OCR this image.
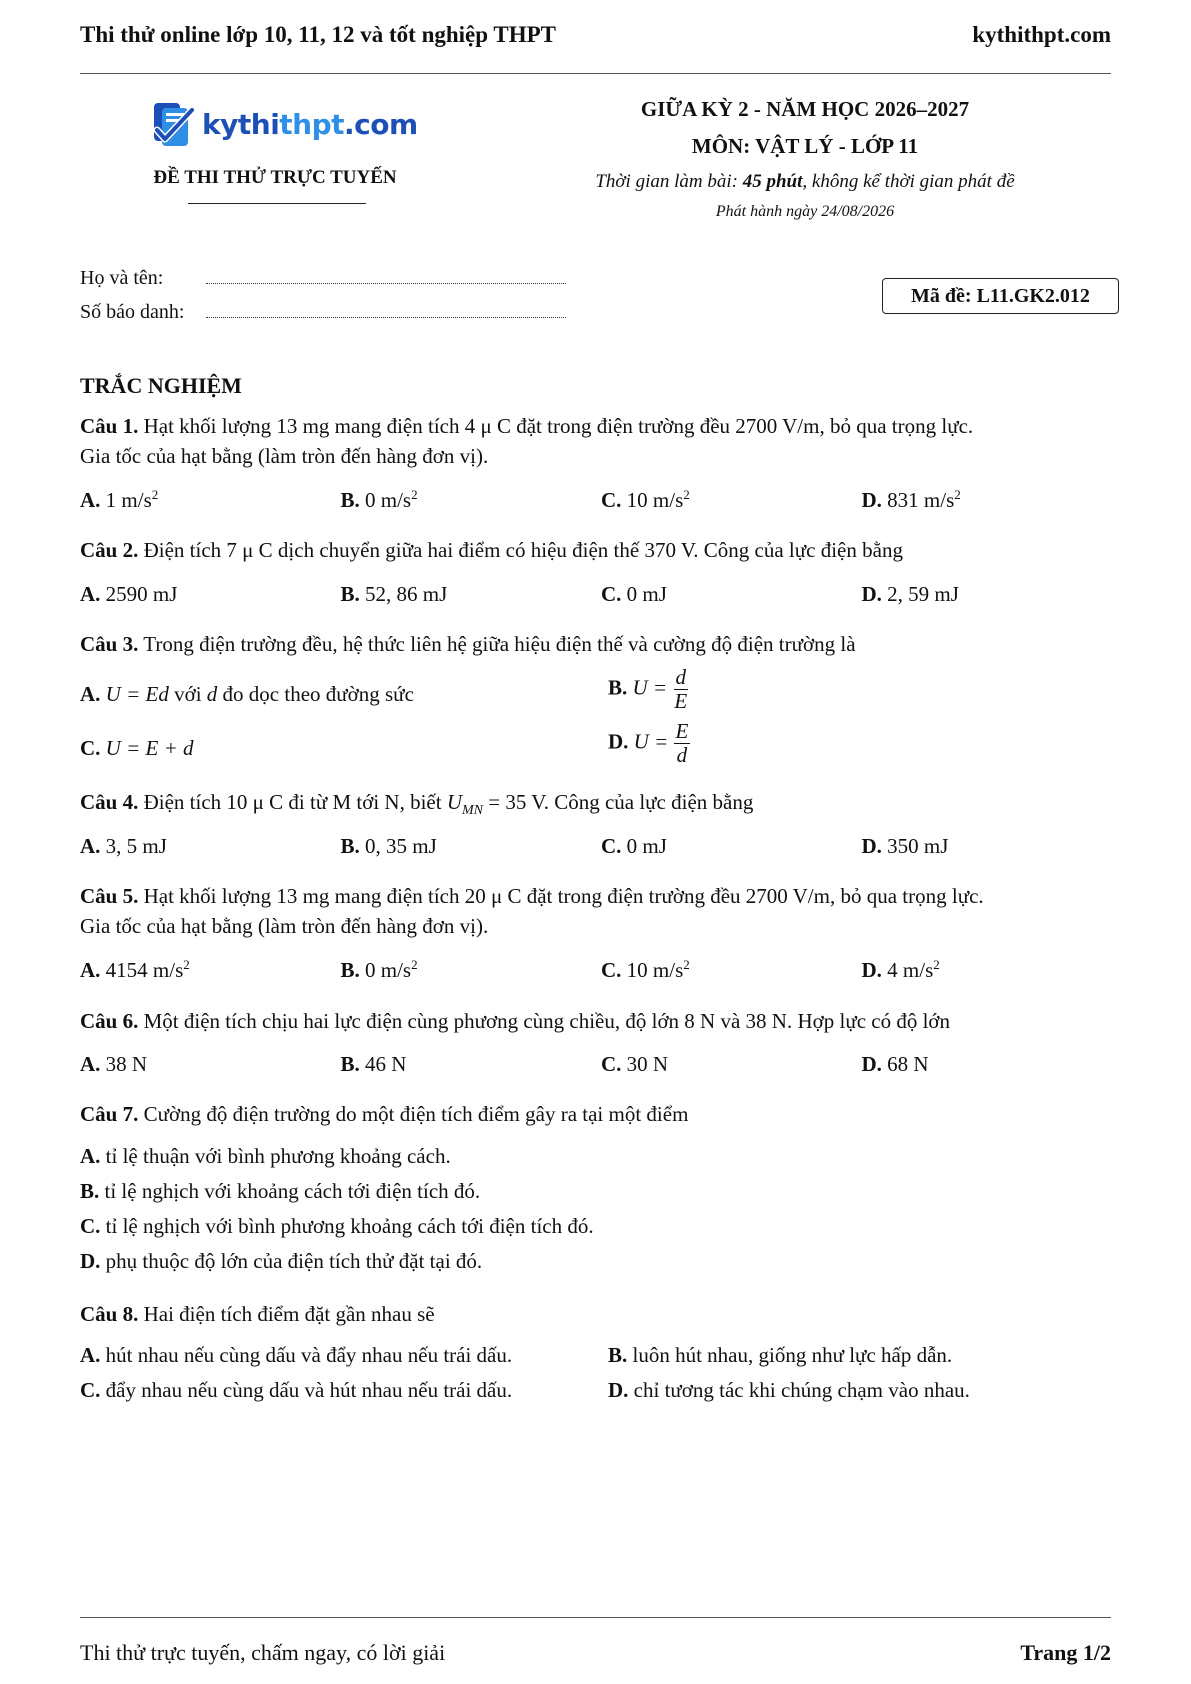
Thi thử online lớp 10, 11, 12 và tốt nghiệp THPT	kythithpt.com
kythithpt.com
ĐỀ THI THỬ TRỰC TUYẾN
GIỮA KỲ 2 - NĂM HỌC 2026–2027
MÔN: VẬT LÝ - LỚP 11
Thời gian làm bài: 45 phút, không kể thời gian phát đề
Phát hành ngày 24/08/2026
Họ và tên:
Số báo danh:
Mã đề: L11.GK2.012
TRẮC NGHIỆM
Câu 1. Hạt khối lượng 13 mg mang điện tích 4 μ C đặt trong điện trường đều 2700 V/m, bỏ qua trọng lực.
Gia tốc của hạt bằng (làm tròn đến hàng đơn vị).
A. 1 $m/s^2$	B. 0 $m/s^2$	C. 10 $m/s^2$	D. 831 $m/s^2$
Câu 2. Điện tích 7 μ C dịch chuyển giữa hai điểm có hiệu điện thế 370 V. Công của lực điện bằng
A. 2590 mJ	B. 52, 86 mJ	C. 0 mJ	D. 2, 59 mJ
Câu 3. Trong điện trường đều, hệ thức liên hệ giữa hiệu điện thế và cường độ điện trường là
A. U = Ed với d đo dọc theo đường sức	B. $U = \frac{d}{E}$
C. U = E + d	D. $U = \frac{E}{d}$
Câu 4. Điện tích 10 μ C đi từ M tới N, biết $U_{MN} = 35$ V. Công của lực điện bằng
A. 3, 5 mJ	B. 0, 35 mJ	C. 0 mJ	D. 350 mJ
Câu 5. Hạt khối lượng 13 mg mang điện tích 20 μ C đặt trong điện trường đều 2700 V/m, bỏ qua trọng lực.
Gia tốc của hạt bằng (làm tròn đến hàng đơn vị).
A. 4154 $m/s^2$	B. 0 $m/s^2$	C. 10 $m/s^2$	D. 4 $m/s^2$
Câu 6. Một điện tích chịu hai lực điện cùng phương cùng chiều, độ lớn 8 N và 38 N. Hợp lực có độ lớn
A. 38 N	B. 46 N	C. 30 N	D. 68 N
Câu 7. Cường độ điện trường do một điện tích điểm gây ra tại một điểm
A. tỉ lệ thuận với bình phương khoảng cách.
B. tỉ lệ nghịch với khoảng cách tới điện tích đó.
C. tỉ lệ nghịch với bình phương khoảng cách tới điện tích đó.
D. phụ thuộc độ lớn của điện tích thử đặt tại đó.
Câu 8. Hai điện tích điểm đặt gần nhau sẽ
A. hút nhau nếu cùng dấu và đẩy nhau nếu trái dấu.	B. luôn hút nhau, giống như lực hấp dẫn.
C. đẩy nhau nếu cùng dấu và hút nhau nếu trái dấu.	D. chỉ tương tác khi chúng chạm vào nhau.
Thi thử trực tuyến, chấm ngay, có lời giải	Trang 1/2
